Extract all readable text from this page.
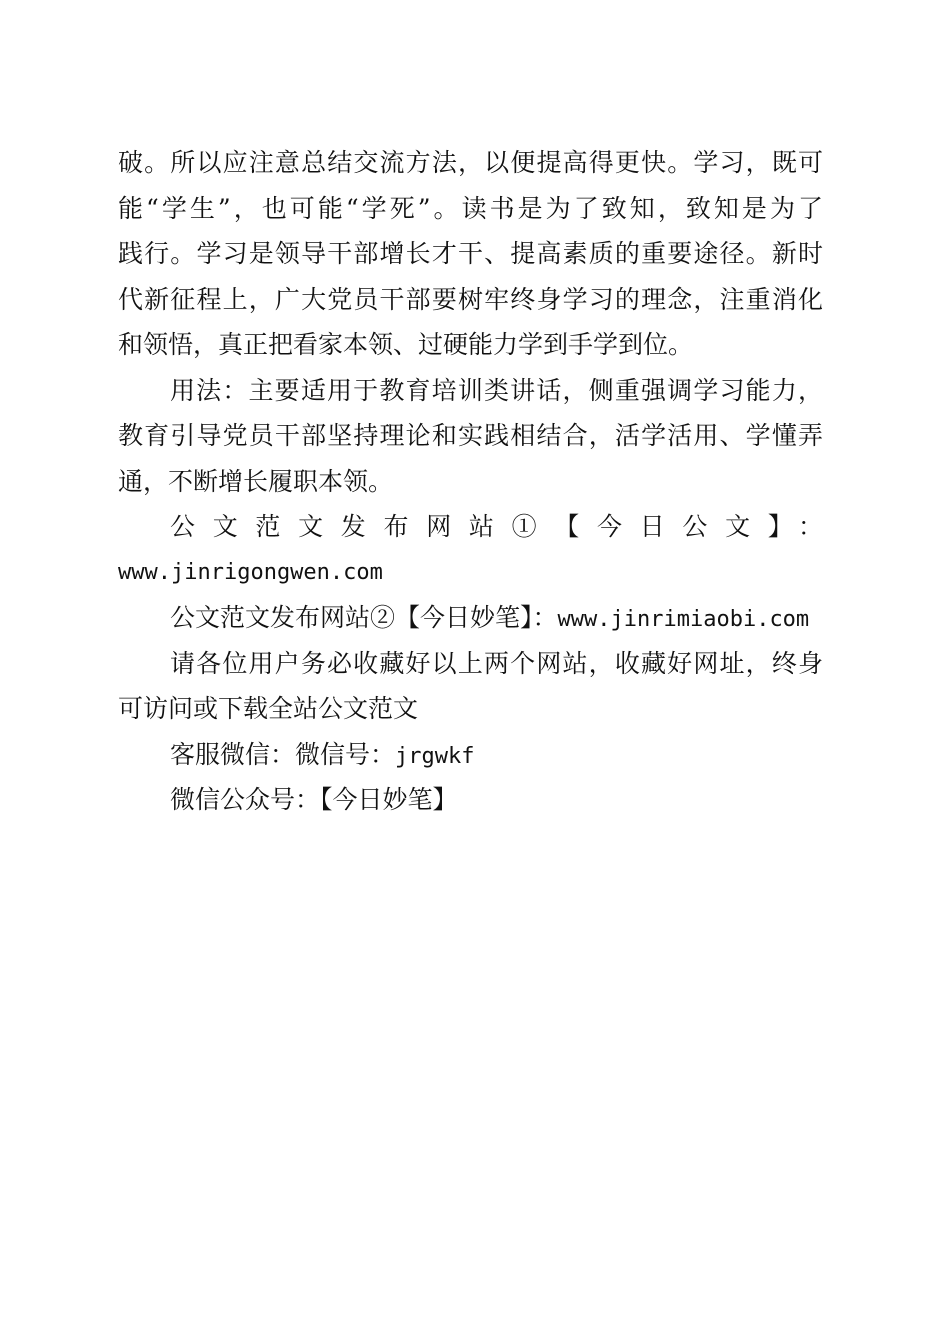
破。所以应注意总结交流方法，以便提高得更快。学习，既可
能“学生”，也可能“学死”。读书是为了致知，致知是为了
践行。学习是领导干部增长才干、提高素质的重要途径。新时
代新征程上，广大党员干部要树牢终身学习的理念，注重消化
和领悟，真正把看家本领、过硬能力学到手学到位。
用法：主要适用于教育培训类讲话，侧重强调学习能力，
教育引导党员干部坚持理论和实践相结合，活学活用、学懂弄
通，不断增长履职本领。
公文范文发布网站①【今日公文】：
www.jinrigongwen.com
公文范文发布网站②【今日妙笔】：www.jinrimiaobi.com
请各位用户务必收藏好以上两个网站，收藏好网址，终身
可访问或下载全站公文范文
客服微信：微信号：jrgwkf
微信公众号：【今日妙笔】
